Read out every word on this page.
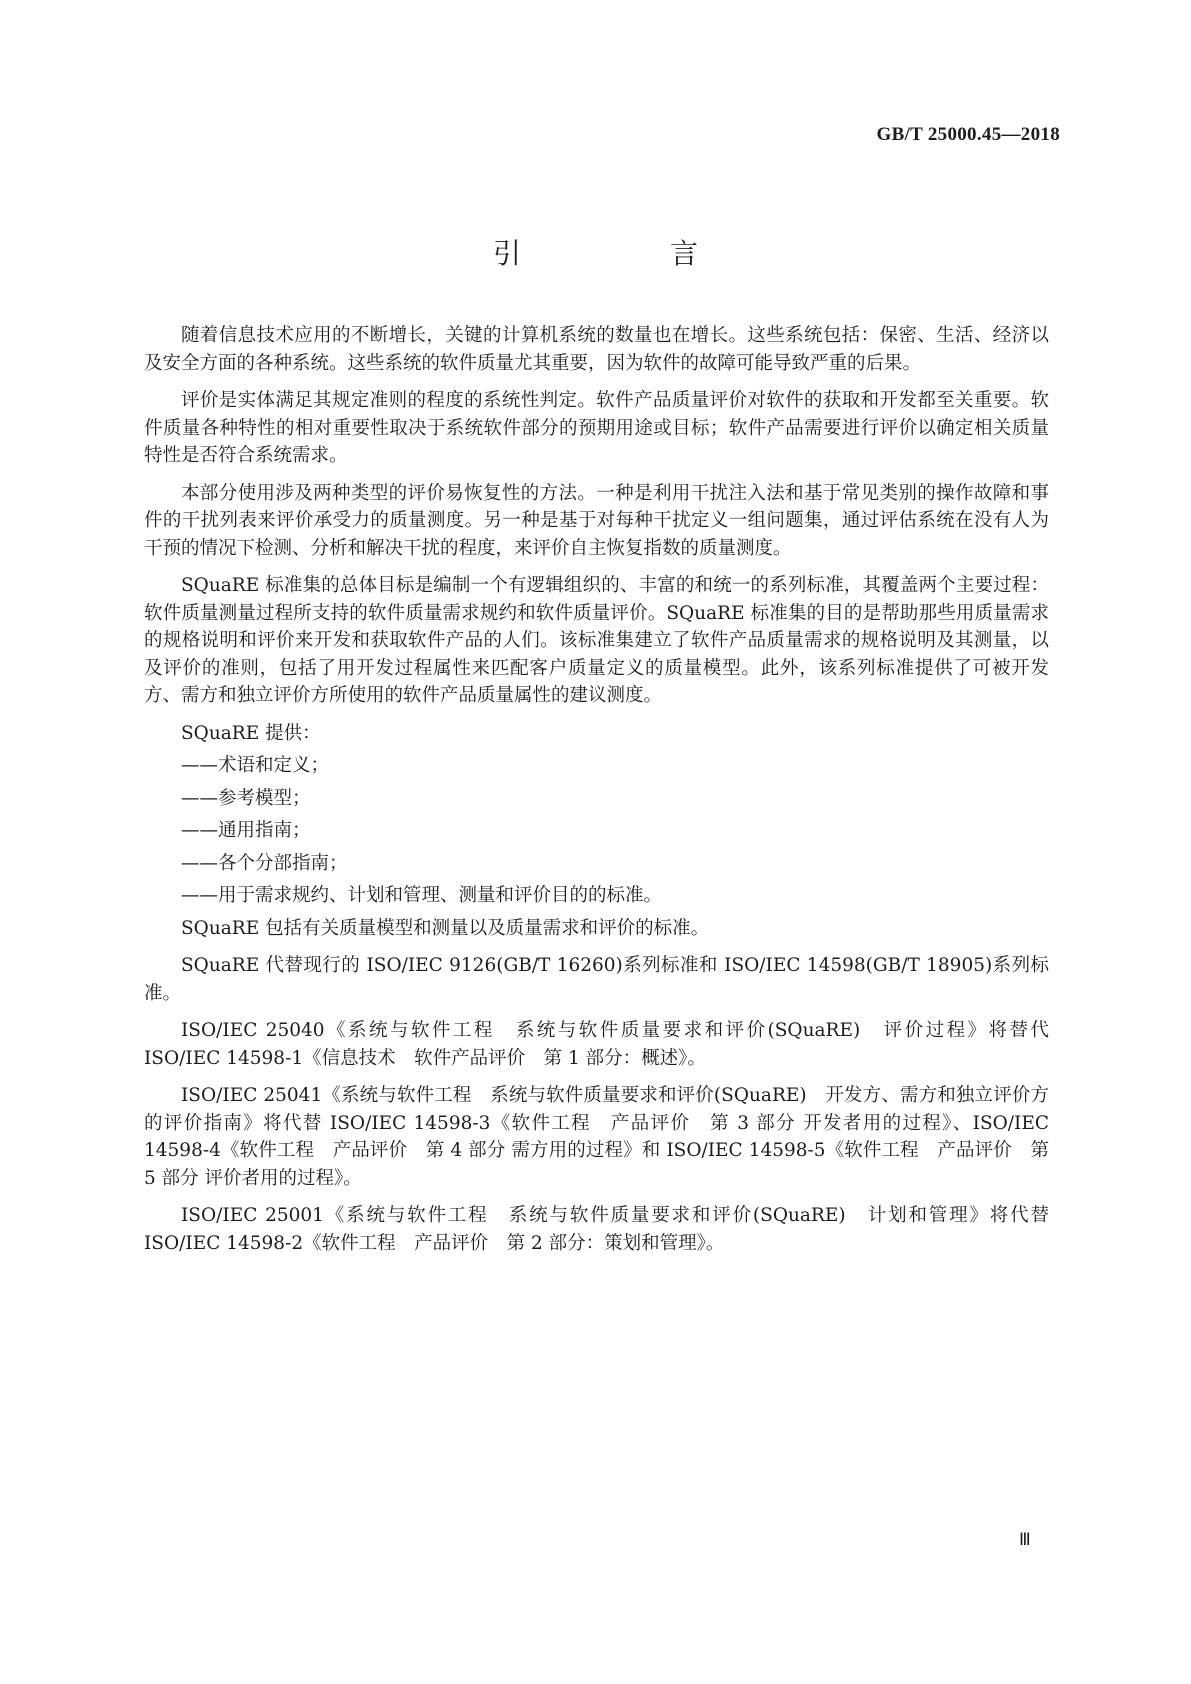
GB/T 25000.45—2018
引 言

随着信息技术应用的不断增长，关键的计算机系统的数量也在增长。这些系统包括：保密、生活、经济以及安全方面的各种系统。这些系统的软件质量尤其重要，因为软件的故障可能导致严重的后果。

评价是实体满足其规定准则的程度的系统性判定。软件产品质量评价对软件的获取和开发都至关重要。软件质量各种特性的相对重要性取决于系统软件部分的预期用途或目标；软件产品需要进行评价以确定相关质量特性是否符合系统需求。

本部分使用涉及两种类型的评价易恢复性的方法。一种是利用干扰注入法和基于常见类别的操作故障和事件的干扰列表来评价承受力的质量测度。另一种是基于对每种干扰定义一组问题集，通过评估系统在没有人为干预的情况下检测、分析和解决干扰的程度，来评价自主恢复指数的质量测度。

SQuaRE 标准集的总体目标是编制一个有逻辑组织的、丰富的和统一的系列标准，其覆盖两个主要过程：软件质量测量过程所支持的软件质量需求规约和软件质量评价。SQuaRE 标准集的目的是帮助那些用质量需求的规格说明和评价来开发和获取软件产品的人们。该标准集建立了软件产品质量需求的规格说明及其测量，以及评价的准则，包括了用开发过程属性来匹配客户质量定义的质量模型。此外，该系列标准提供了可被开发方、需方和独立评价方所使用的软件产品质量属性的建议测度。

SQuaRE 提供：

——术语和定义；

——参考模型；

——通用指南；

——各个分部指南；

——用于需求规约、计划和管理、测量和评价目的的标准。

SQuaRE 包括有关质量模型和测量以及质量需求和评价的标准。

SQuaRE 代替现行的 ISO/IEC 9126(GB/T 16260)系列标准和 ISO/IEC 14598(GB/T 18905)系列标准。

ISO/IEC 25040《系统与软件工程　系统与软件质量要求和评价(SQuaRE)　评价过程》将替代 ISO/IEC 14598-1《信息技术　软件产品评价　第 1 部分：概述》。

ISO/IEC 25041《系统与软件工程　系统与软件质量要求和评价(SQuaRE)　开发方、需方和独立评价方的评价指南》将代替 ISO/IEC 14598-3《软件工程　产品评价　第 3 部分 开发者用的过程》、ISO/IEC 14598-4《软件工程　产品评价　第 4 部分 需方用的过程》和 ISO/IEC 14598-5《软件工程　产品评价　第 5 部分 评价者用的过程》。

ISO/IEC 25001《系统与软件工程　系统与软件质量要求和评价(SQuaRE)　计划和管理》将代替 ISO/IEC 14598-2《软件工程　产品评价　第 2 部分：策划和管理》。

Ⅲ
